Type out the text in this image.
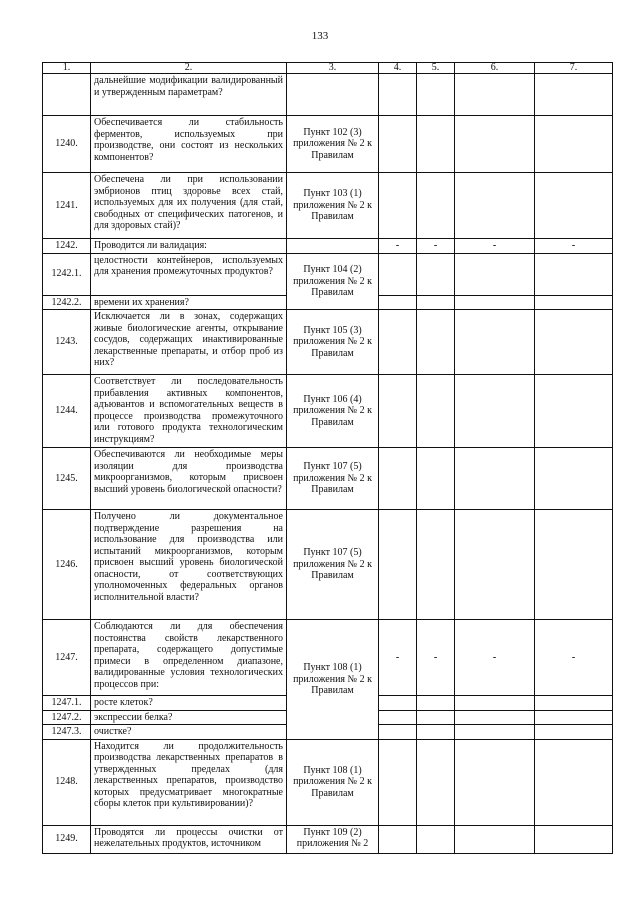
133
1.	2.	3.	4.	5.	6.	7.
	дальнейшие модификации валидированный и утвержденным параметрам?					
1240.	Обеспечивается ли стабильность ферментов, используемых при производстве, они состоят из нескольких компонентов?	Пункт 102 (3) приложения № 2 к Правилам				
1241.	Обеспечена ли при использовании эмбрионов птиц здоровье всех стай, используемых для их получения (для стай, свободных от специфических патогенов, и для здоровых стай)?	Пункт 103 (1) приложения № 2 к Правилам				
1242.	Проводится ли валидация:		-	-	-	-
1242.1.	целостности контейнеров, используемых для хранения промежуточных продуктов?	Пункт 104 (2) приложения № 2 к Правилам				
1242.2.	времени их хранения?					
1243.	Исключается ли в зонах, содержащих живые биологические агенты, открывание сосудов, содержащих инактивированные лекарственные препараты, и отбор проб из них?	Пункт 105 (3) приложения № 2 к Правилам				
1244.	Соответствует ли последовательность прибавления активных компонентов, адъювантов и вспомогательных веществ в процессе производства промежуточного или готового продукта технологическим инструкциям?	Пункт 106 (4) приложения № 2 к Правилам				
1245.	Обеспечиваются ли необходимые меры изоляции для производства микроорганизмов, которым присвоен высший уровень биологической опасности?	Пункт 107 (5) приложения № 2 к Правилам				
1246.	Получено ли документальное подтверждение разрешения на использование для производства или испытаний микроорганизмов, которым присвоен высший уровень биологической опасности, от соответствующих уполномоченных федеральных органов исполнительной власти?	Пункт 107 (5) приложения № 2 к Правилам				
1247.	Соблюдаются ли для обеспечения постоянства свойств лекарственного препарата, содержащего допустимые примеси в определенном диапазоне, валидированные условия технологических процессов при:	Пункт 108 (1) приложения № 2 к Правилам	-	-	-	-
1247.1.	росте клеток?					
1247.2.	экспрессии белка?					
1247.3.	очистке?					
1248.	Находится ли продолжительность производства лекарственных препаратов в утвержденных пределах (для лекарственных препаратов, производство которых предусматривает многократные сборы клеток при культивировании)?	Пункт 108 (1) приложения № 2 к Правилам				
1249.	Проводятся ли процессы очистки от нежелательных продуктов, источником	Пункт 109 (2) приложения № 2				
